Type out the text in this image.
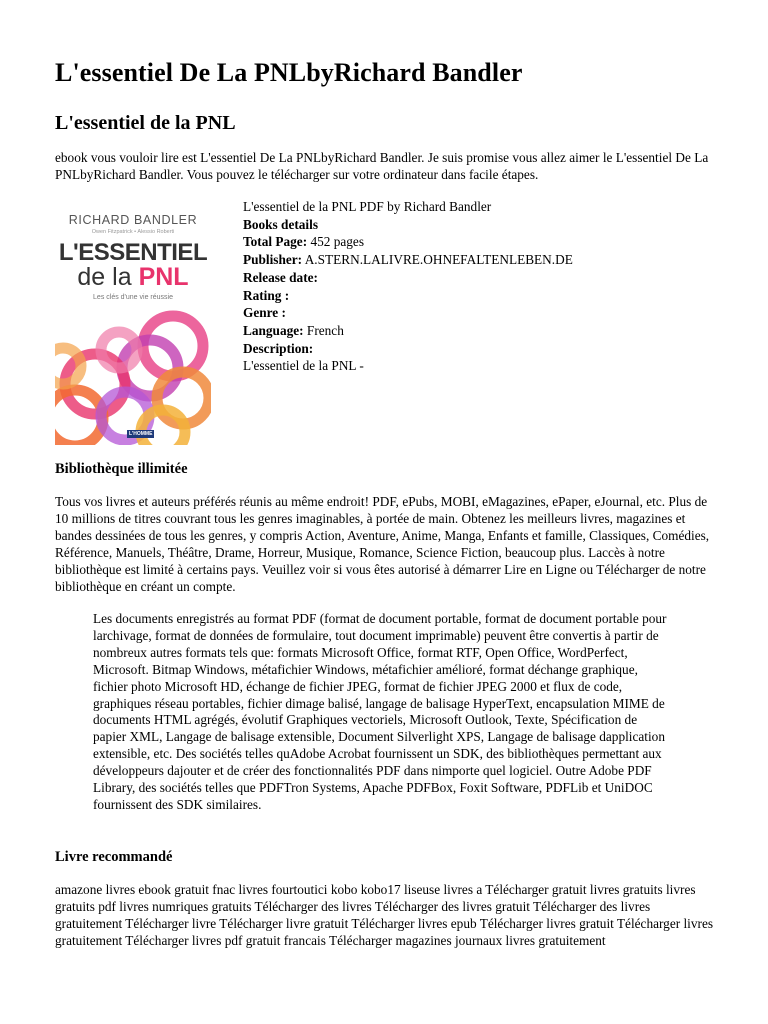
L'essentiel De La PNLbyRichard Bandler
L'essentiel de la PNL

ebook vous vouloir lire est L'essentiel De La PNLbyRichard Bandler. Je suis promise vous allez aimer le L'essentiel De La PNLbyRichard Bandler. Vous pouvez le télécharger sur votre ordinateur dans facile étapes.

RICHARD BANDLER
Owen Fitzpatrick • Alessio Roberti
L'ESSENTIEL
de la PNL
Les clés d'une vie réussie
L'HOMME
L'essentiel de la PNL PDF by Richard Bandler
Books details
Total Page: 452 pages
Publisher: A.STERN.LALIVRE.OHNEFALTENLEBEN.DE
Release date:
Rating :
Genre :
Language: French
Description:
L'essentiel de la PNL -
Bibliothèque illimitée

Tous vos livres et auteurs préférés réunis au même endroit! PDF, ePubs, MOBI, eMagazines, ePaper, eJournal, etc. Plus de 10 millions de titres couvrant tous les genres imaginables, à portée de main. Obtenez les meilleurs livres, magazines et bandes dessinées de tous les genres, y compris Action, Aventure, Anime, Manga, Enfants et famille, Classiques, Comédies, Référence, Manuels, Théâtre, Drame, Horreur, Musique, Romance, Science Fiction, beaucoup plus. Laccès à notre bibliothèque est limité à certains pays. Veuillez voir si vous êtes autorisé à démarrer Lire en Ligne ou Télécharger de notre bibliothèque en créant un compte.

Les documents enregistrés au format PDF (format de document portable, format de document portable pour larchivage, format de données de formulaire, tout document imprimable) peuvent être convertis à partir de nombreux autres formats tels que: formats Microsoft Office, format RTF, Open Office, WordPerfect, Microsoft. Bitmap Windows, métafichier Windows, métafichier amélioré, format déchange graphique, fichier photo Microsoft HD, échange de fichier JPEG, format de fichier JPEG 2000 et flux de code, graphiques réseau portables, fichier dimage balisé, langage de balisage HyperText, encapsulation MIME de documents HTML agrégés, évolutif Graphiques vectoriels, Microsoft Outlook, Texte, Spécification de papier XML, Langage de balisage extensible, Document Silverlight XPS, Langage de balisage dapplication extensible, etc. Des sociétés telles quAdobe Acrobat fournissent un SDK, des bibliothèques permettant aux développeurs dajouter et de créer des fonctionnalités PDF dans nimporte quel logiciel. Outre Adobe PDF Library, des sociétés telles que PDFTron Systems, Apache PDFBox, Foxit Software, PDFLib et UniDOC fournissent des SDK similaires.

Livre recommandé

amazone livres ebook gratuit fnac livres fourtoutici kobo kobo17 liseuse livres a Télécharger gratuit livres gratuits livres gratuits pdf livres numriques gratuits Télécharger des livres Télécharger des livres gratuit Télécharger des livres gratuitement Télécharger livre Télécharger livre gratuit Télécharger livres epub Télécharger livres gratuit Télécharger livres gratuitement Télécharger livres pdf gratuit francais Télécharger magazines journaux livres gratuitement
